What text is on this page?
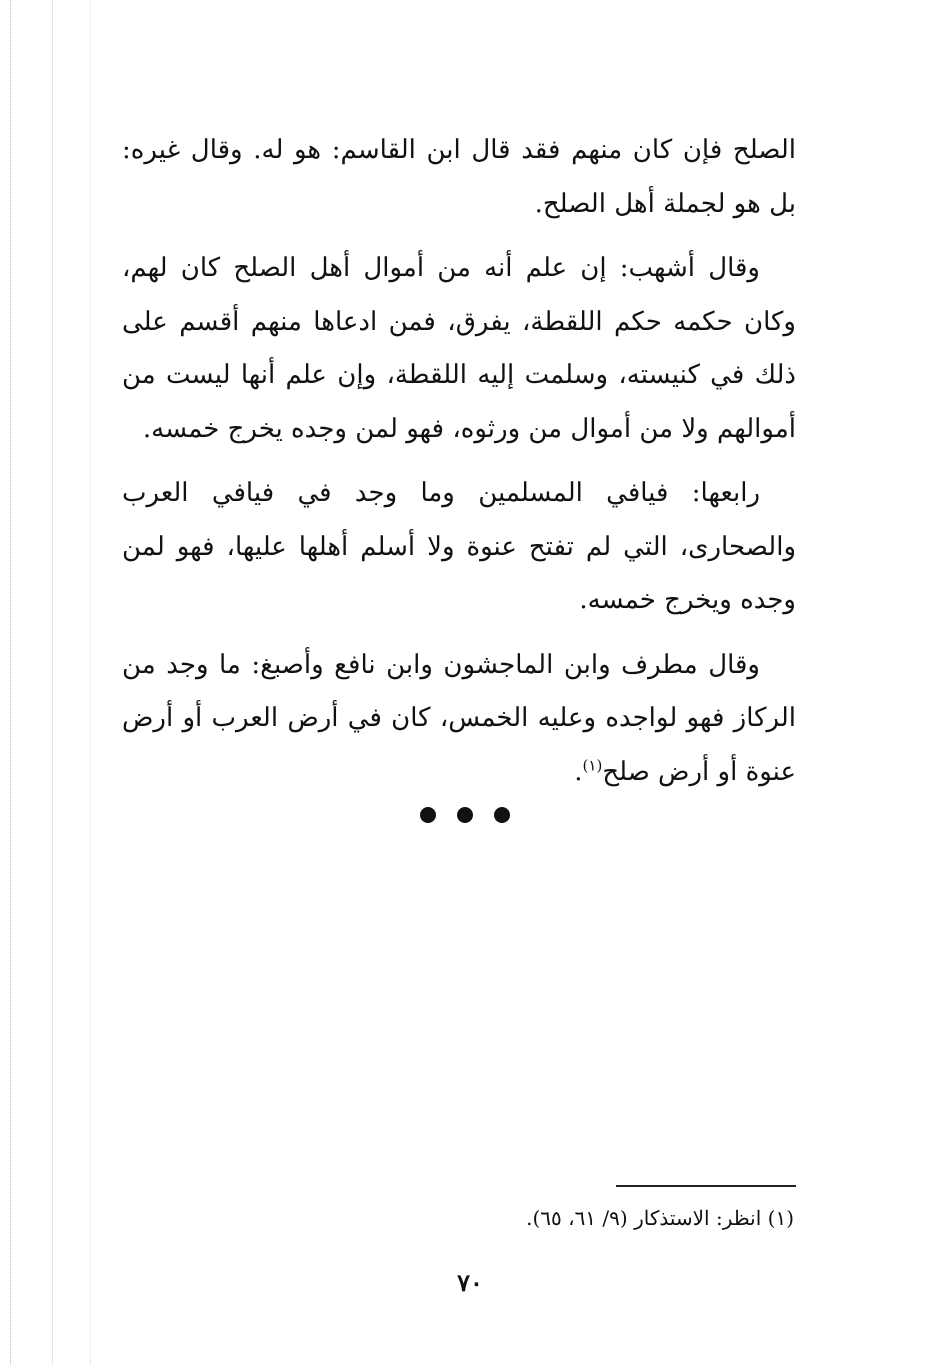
الصلح فإن كان منهم فقد قال ابن القاسم: هو له. وقال غيره: بل هو لجملة أهل الصلح.

وقال أشهب: إن علم أنه من أموال أهل الصلح كان لهم، وكان حكمه حكم اللقطة، يفرق، فمن ادعاها منهم أقسم على ذلك في كنيسته، وسلمت إليه اللقطة، وإن علم أنها ليست من أموالهم ولا من أموال من ورثوه، فهو لمن وجده يخرج خمسه.

رابعها: فيافي المسلمين وما وجد في فيافي العرب والصحارى، التي لم تفتح عنوة ولا أسلم أهلها عليها، فهو لمن وجده ويخرج خمسه.

وقال مطرف وابن الماجشون وابن نافع وأصبغ: ما وجد من الركاز فهو لواجده وعليه الخمس، كان في أرض العرب أو أرض عنوة أو أرض صلح$^{(١)}$.

(١) انظر: الاستذكار (٩/ ٦١، ٦٥).
٧٠
